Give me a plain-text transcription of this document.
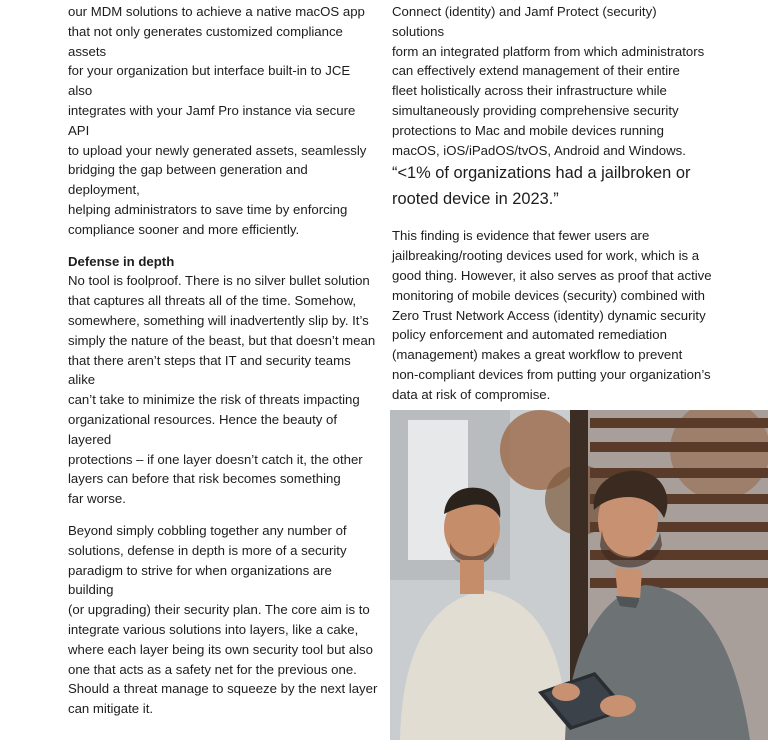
our MDM solutions to achieve a native macOS app
that not only generates customized compliance assets
for your organization but interface built-in to JCE also
integrates with your Jamf Pro instance via secure API
to upload your newly generated assets, seamlessly
bridging the gap between generation and deployment,
helping administrators to save time by enforcing
compliance sooner and more efficiently.

Defense in depth

No tool is foolproof. There is no silver bullet solution
that captures all threats all of the time. Somehow,
somewhere, something will inadvertently slip by. It’s
simply the nature of the beast, but that doesn’t mean
that there aren’t steps that IT and security teams alike
can’t take to minimize the risk of threats impacting
organizational resources. Hence the beauty of layered
protections – if one layer doesn’t catch it, the other
layers can before that risk becomes something
far worse.

Beyond simply cobbling together any number of
solutions, defense in depth is more of a security
paradigm to strive for when organizations are building
(or upgrading) their security plan. The core aim is to
integrate various solutions into layers, like a cake,
where each layer being its own security tool but also
one that acts as a safety net for the previous one.
Should a threat manage to squeeze by the next layer
can mitigate it.

Connect (identity) and Jamf Protect (security) solutions
form an integrated platform from which administrators
can effectively extend management of their entire
fleet holistically across their infrastructure while
simultaneously providing comprehensive security
protections to Mac and mobile devices running
macOS, iOS/iPadOS/tvOS, Android and Windows.

“<1% of organizations had a jailbroken or
rooted device in 2023.”

This finding is evidence that fewer users are
jailbreaking/rooting devices used for work, which is a
good thing. However, it also serves as proof that active
monitoring of mobile devices (security) combined with
Zero Trust Network Access (identity) dynamic security
policy enforcement and automated remediation
(management) makes a great workflow to prevent
non-compliant devices from putting your organization’s
data at risk of compromise.
